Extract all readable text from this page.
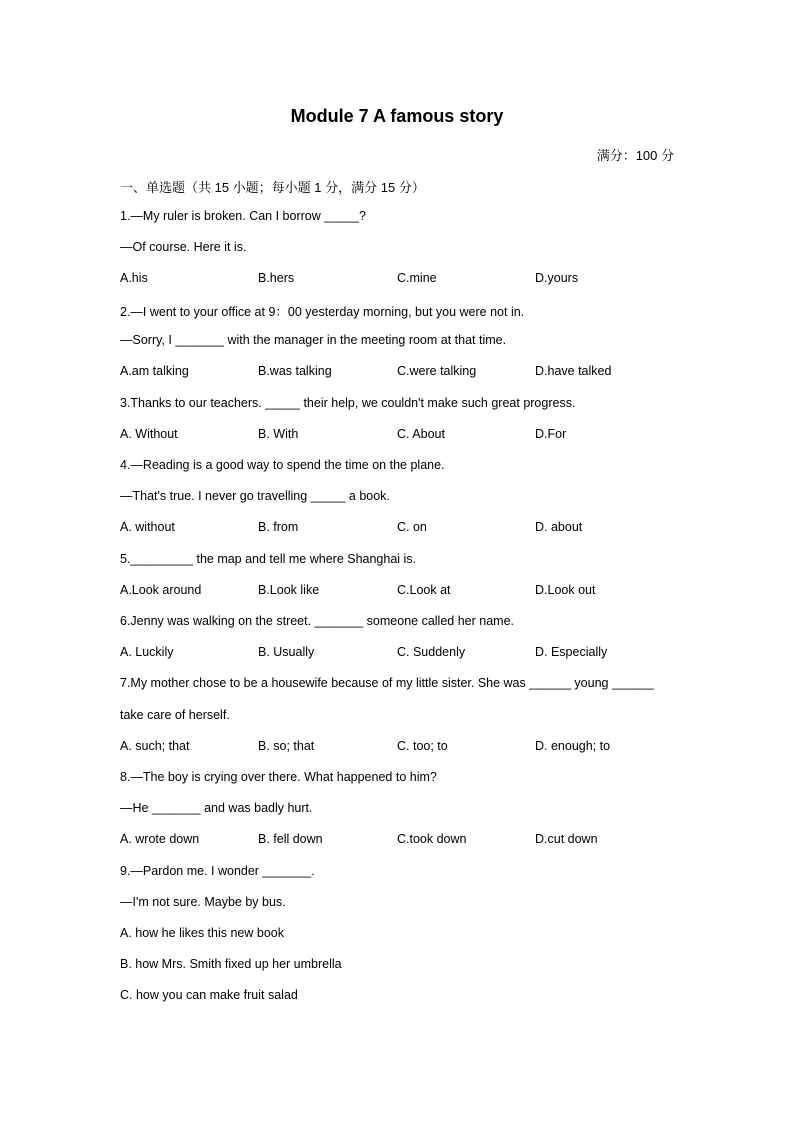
Module 7 A famous story
满分：100 分
一、单选题（共 15 小题；每小题 1 分，满分 15 分）
1.—My ruler is broken. Can I borrow _____?
—Of course. Here it is.
A.his	B.hers	C.mine	D.yours
2.—I went to your office at 9：00 yesterday morning, but you were not in.
—Sorry, I _______ with the manager in the meeting room at that time.
A.am talking	B.was talking	C.were talking	D.have talked
3.Thanks to our teachers. _____ their help, we couldn't make such great progress.
A. Without	B. With	C. About	D.For
4.—Reading is a good way to spend the time on the plane.
—That's true. I never go travelling _____ a book.
A. without	B. from	C. on	D. about
5._________ the map and tell me where Shanghai is.
A.Look around	B.Look like	C.Look at	D.Look out
6.Jenny was walking on the street. _______ someone called her name.
A. Luckily	B. Usually	C. Suddenly	D. Especially
7.My mother chose to be a housewife because of my little sister. She was ______ young ______
take care of herself.
A. such; that	B. so; that	C. too; to	D. enough; to
8.—The boy is crying over there. What happened to him?
—He _______ and was badly hurt.
A. wrote down	B. fell down	C.took down	D.cut down
9.—Pardon me. I wonder _______.
—I'm not sure. Maybe by bus.
A. how he likes this new book
B. how Mrs. Smith fixed up her umbrella
C. how you can make fruit salad
